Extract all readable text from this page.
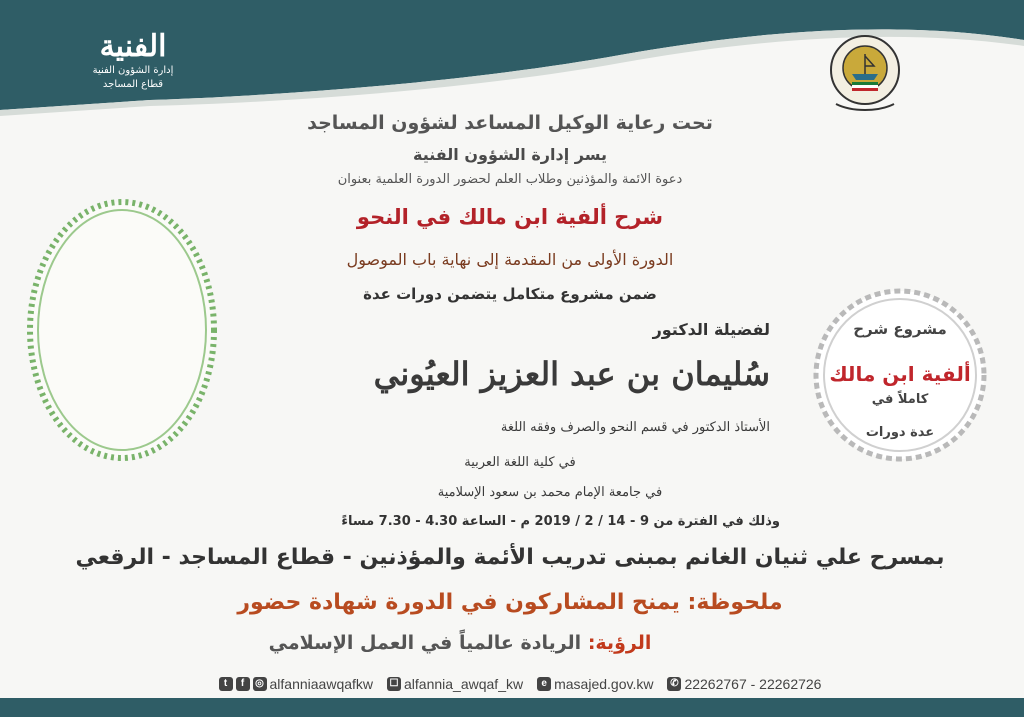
الفنية
إدارة الشؤون الفنية
قطاع المساجد
تحت رعاية الوكيل المساعد لشؤون المساجد
يسر إدارة الشؤون الفنية
دعوة الائمة والمؤذنين وطلاب العلم لحضور الدورة العلمية بعنوان
شرح ألفية ابن مالك في النحو
الدورة الأولى من المقدمة إلى نهاية باب الموصول
ضمن مشروع متكامل يتضمن دورات عدة
لفضيلة الدكتور
سُليمان بن عبد العزيز العيُوني
الأستاذ الدكتور في قسم النحو والصرف وفقه اللغة
في كلية اللغة العربية
في جامعة الإمام محمد بن سعود الإسلامية
وذلك في الفترة من 9 - 14 / 2 / 2019 م - الساعة 4.30 - 7.30 مساءً
بمسرح علي ثنيان الغانم بمبنى تدريب الأئمة والمؤذنين - قطاع المساجد - الرقعي
ملحوظة: يمنح المشاركون في الدورة شهادة حضور
الرؤية: الريادة عالمياً في العمل الإسلامي
مشروع شرح
ألفية ابن مالك
كاملاً في
عدة دورات
t	f	◎ alfanniaawqafkw ☐ alfannia_awqaf_kw	e masajed.gov.kw ✆ 22262767 - 22262726
